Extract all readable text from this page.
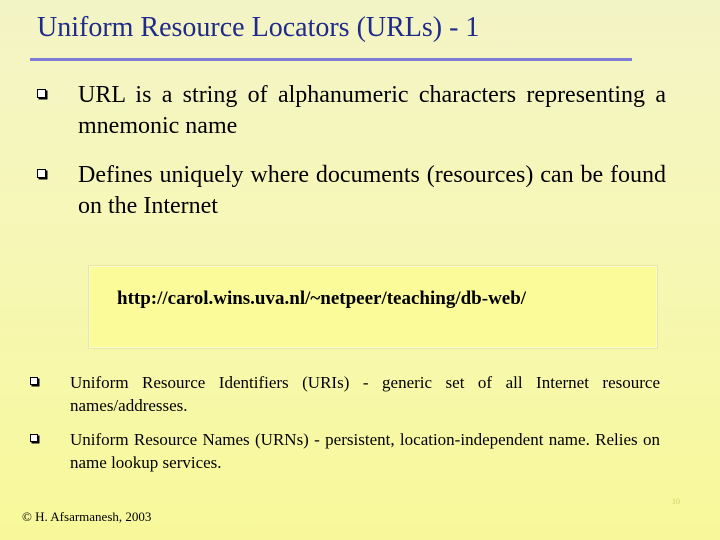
Uniform Resource Locators (URLs) - 1
URL is a string of alphanumeric characters representing a mnemonic name
Defines uniquely where documents (resources) can be found on the Internet
http://carol.wins.uva.nl/~netpeer/teaching/db-web/
Uniform Resource Identifiers (URIs) - generic set of all Internet resource names/addresses.
Uniform Resource Names (URNs) - persistent, location-independent name. Relies on name lookup services.
© H. Afsarmanesh, 2003
10
